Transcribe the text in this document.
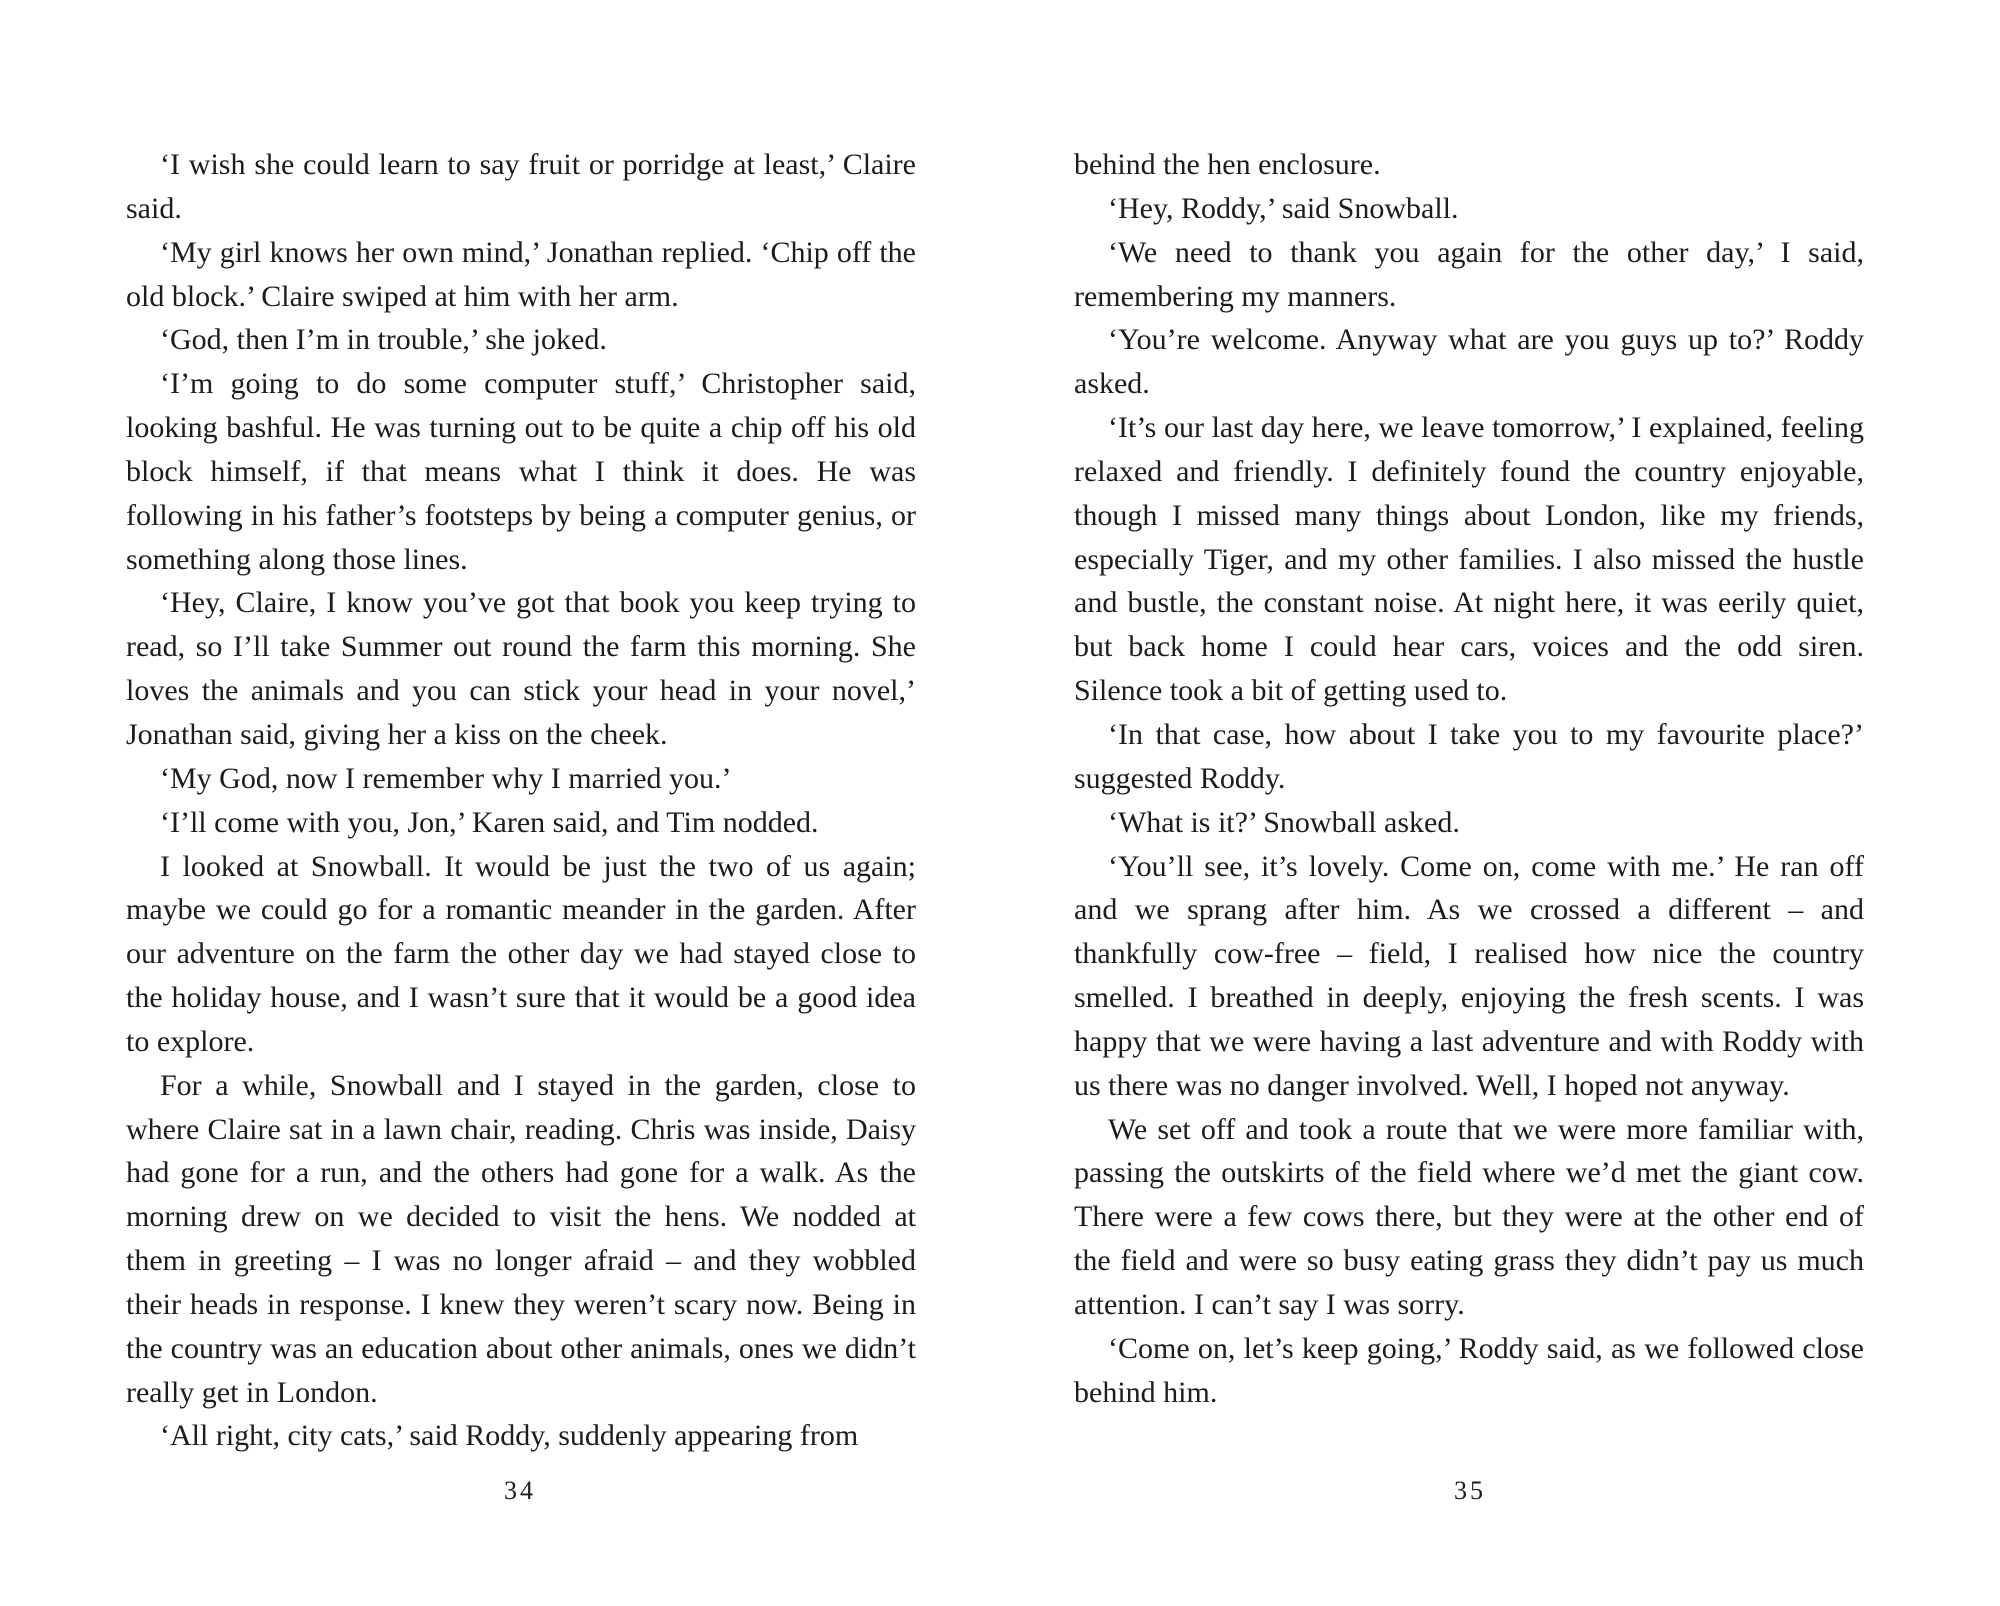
‘I wish she could learn to say fruit or porridge at least,’ Claire said.

‘My girl knows her own mind,’ Jonathan replied. ‘Chip off the old block.’ Claire swiped at him with her arm.

‘God, then I’m in trouble,’ she joked.

‘I’m going to do some computer stuff,’ Christopher said, looking bashful. He was turning out to be quite a chip off his old block himself, if that means what I think it does. He was following in his father’s footsteps by being a computer genius, or something along those lines.

‘Hey, Claire, I know you’ve got that book you keep trying to read, so I’ll take Summer out round the farm this morning. She loves the animals and you can stick your head in your novel,’ Jonathan said, giving her a kiss on the cheek.

‘My God, now I remember why I married you.’

‘I’ll come with you, Jon,’ Karen said, and Tim nodded.

I looked at Snowball. It would be just the two of us again; maybe we could go for a romantic meander in the garden. After our adventure on the farm the other day we had stayed close to the holiday house, and I wasn’t sure that it would be a good idea to explore.

For a while, Snowball and I stayed in the garden, close to where Claire sat in a lawn chair, reading. Chris was inside, Daisy had gone for a run, and the others had gone for a walk. As the morning drew on we decided to visit the hens. We nodded at them in greeting – I was no longer afraid – and they wobbled their heads in response. I knew they weren’t scary now. Being in the country was an education about other animals, ones we didn’t really get in London.

‘All right, city cats,’ said Roddy, suddenly appearing from

34

behind the hen enclosure.

‘Hey, Roddy,’ said Snowball.

‘We need to thank you again for the other day,’ I said, remembering my manners.

‘You’re welcome. Anyway what are you guys up to?’ Roddy asked.

‘It’s our last day here, we leave tomorrow,’ I explained, feeling relaxed and friendly. I definitely found the country enjoyable, though I missed many things about London, like my friends, especially Tiger, and my other families. I also missed the hustle and bustle, the constant noise. At night here, it was eerily quiet, but back home I could hear cars, voices and the odd siren. Silence took a bit of getting used to.

‘In that case, how about I take you to my favourite place?’ suggested Roddy.

‘What is it?’ Snowball asked.

‘You’ll see, it’s lovely. Come on, come with me.’ He ran off and we sprang after him. As we crossed a different – and thankfully cow-free – field, I realised how nice the country smelled. I breathed in deeply, enjoying the fresh scents. I was happy that we were having a last adventure and with Roddy with us there was no danger involved. Well, I hoped not anyway.

We set off and took a route that we were more familiar with, passing the outskirts of the field where we’d met the giant cow. There were a few cows there, but they were at the other end of the field and were so busy eating grass they didn’t pay us much attention. I can’t say I was sorry.

‘Come on, let’s keep going,’ Roddy said, as we followed close behind him.

35
